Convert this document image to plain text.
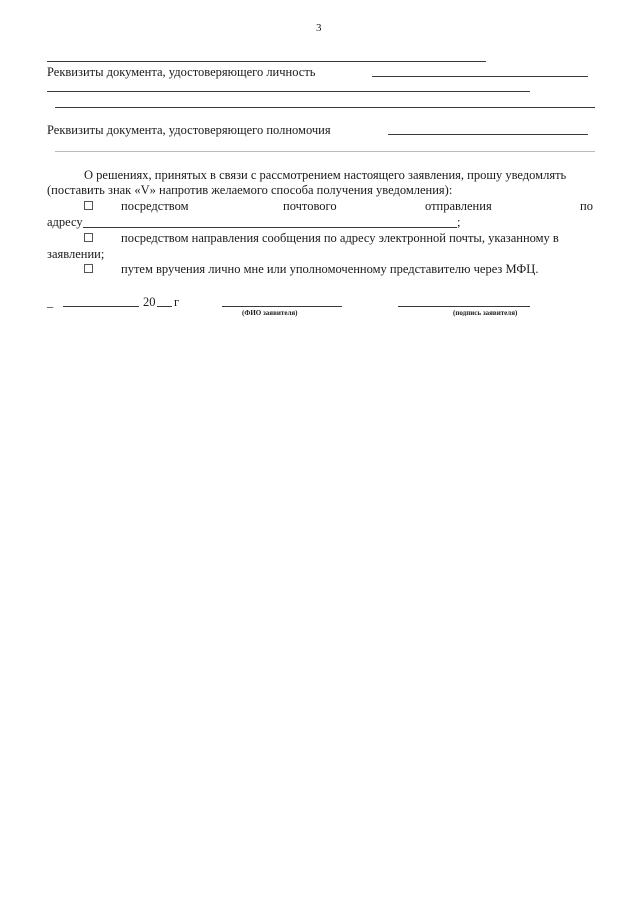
3
Реквизиты документа, удостоверяющего личность
Реквизиты документа, удостоверяющего полномочия
О решениях, принятых в связи с рассмотрением настоящего заявления, прошу уведомлять
(поставить знак «V» напротив желаемого способа получения уведомления):
посредством	почтового	отправления	по
адресу	;
посредством направления сообщения по адресу электронной почты, указанному в
заявлении;
путем вручения лично мне или уполномоченному представителю через МФЦ.
_	20 г
(ФИО заявителя)	(подпись заявителя)
